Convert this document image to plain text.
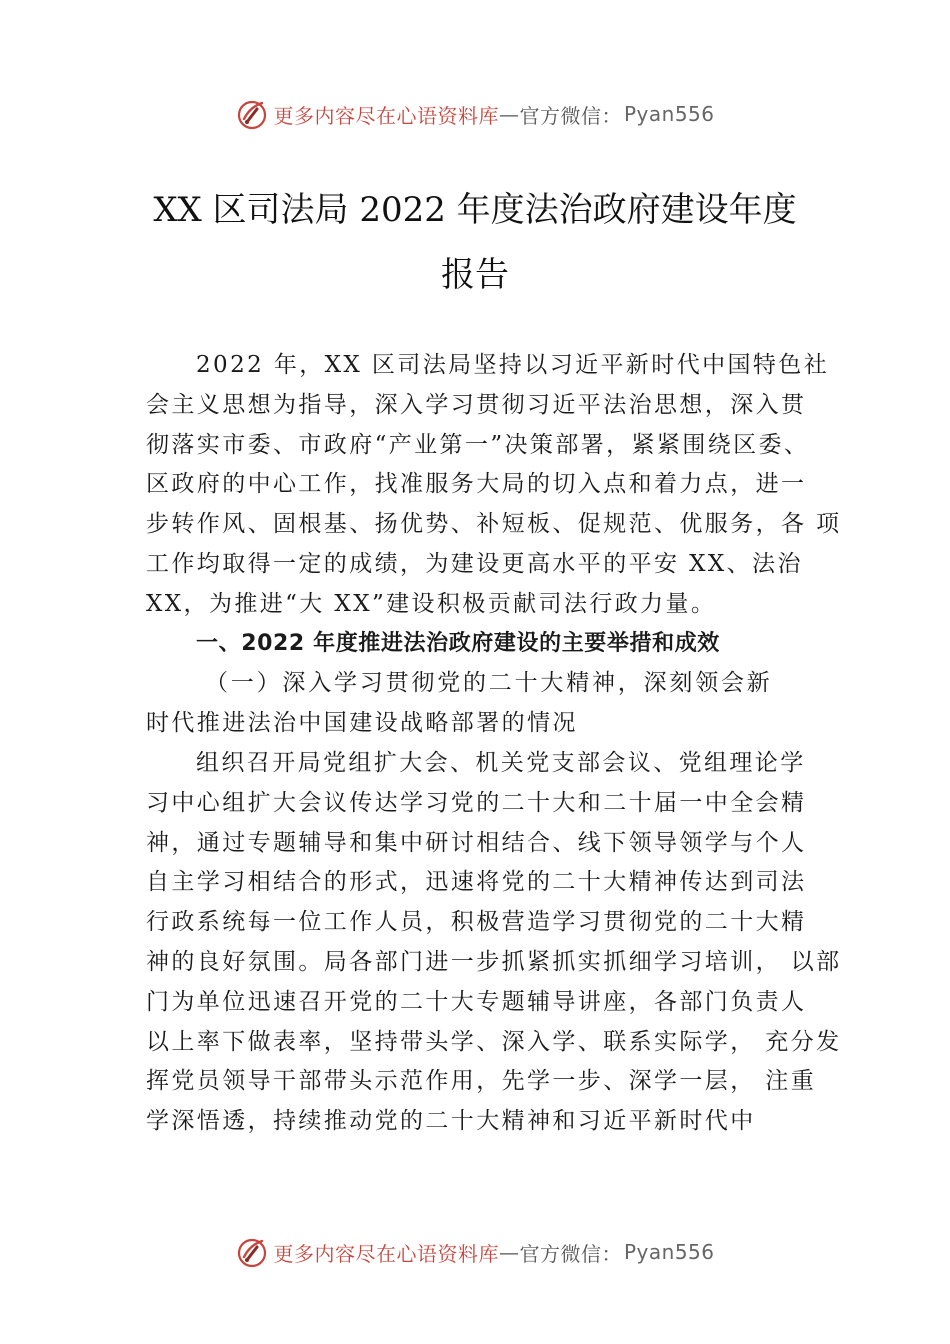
更多内容尽在心语资料库 — 官方微信： Pyan556
XX 区司法局 2022 年度法治政府建设年度
报告
2022 年，XX 区司法局坚持以习近平新时代中国特色社
会主义思想为指导，深入学习贯彻习近平法治思想，深入贯
彻落实市委、市政府“产业第一”决策部署，紧紧围绕区委、
区政府的中心工作，找准服务大局的切入点和着力点，进一
步转作风、固根基、扬优势、补短板、促规范、优服务，各 项
工作均取得一定的成绩，为建设更高水平的平安 XX、法治
XX，为推进“大 XX”建设积极贡献司法行政力量。
一、2022 年度推进法治政府建设的主要举措和成效
（一）深入学习贯彻党的二十大精神，深刻领会新
时代推进法治中国建设战略部署的情况
组织召开局党组扩大会、机关党支部会议、党组理论学
习中心组扩大会议传达学习党的二十大和二十届一中全会精
神，通过专题辅导和集中研讨相结合、线下领导领学与个人
自主学习相结合的形式，迅速将党的二十大精神传达到司法
行政系统每一位工作人员，积极营造学习贯彻党的二十大精
神的良好氛围。局各部门进一步抓紧抓实抓细学习培训， 以部
门为单位迅速召开党的二十大专题辅导讲座，各部门负责人
以上率下做表率，坚持带头学、深入学、联系实际学， 充分发
挥党员领导干部带头示范作用，先学一步、深学一层， 注重
学深悟透，持续推动党的二十大精神和习近平新时代中
更多内容尽在心语资料库 — 官方微信： Pyan556
